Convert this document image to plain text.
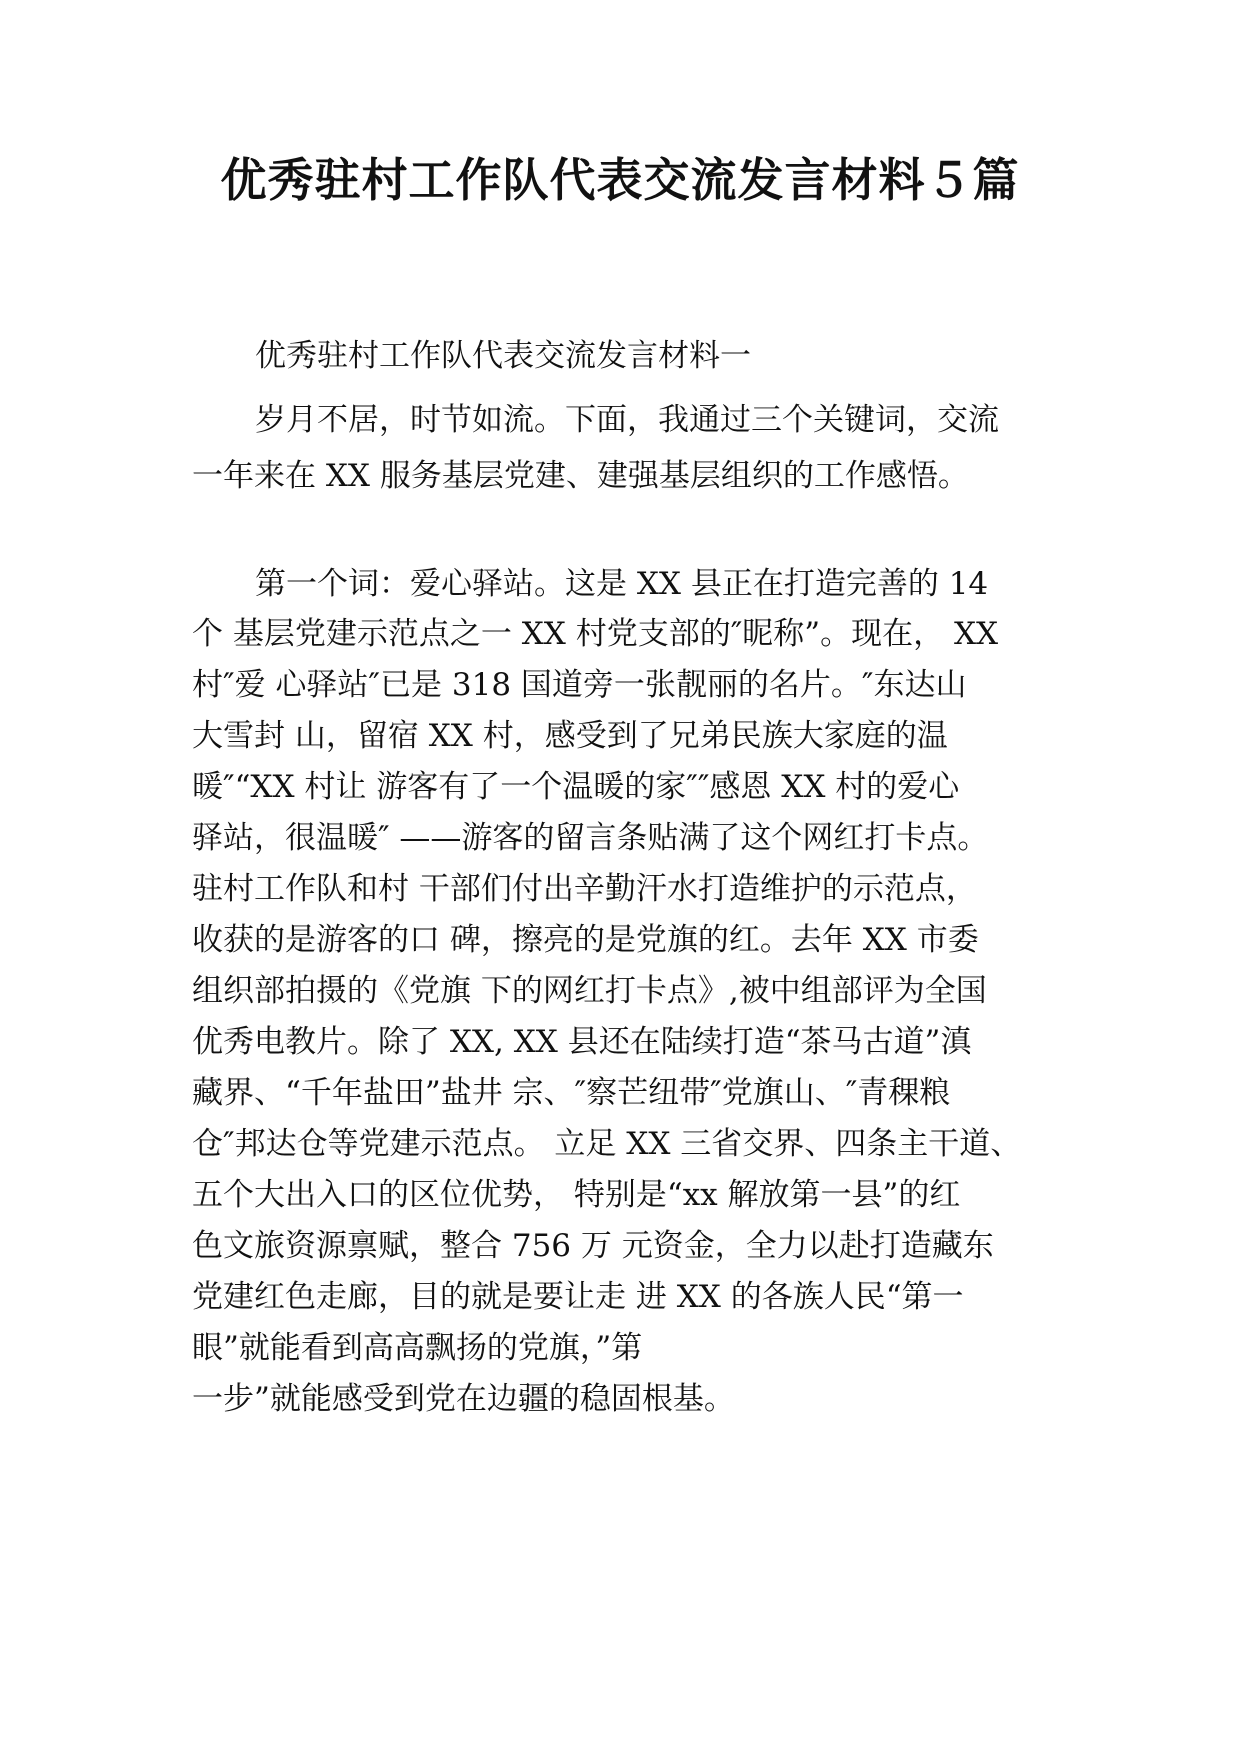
优秀驻村工作队代表交流发言材料５篇

优秀驻村工作队代表交流发言材料一

岁月不居，时节如流。下面，我通过三个关键词，交流

一年来在 XX 服务基层党建、建强基层组织的工作感悟。

第一个词：爱心驿站。这是 XX 县正在打造完善的 14

个 基层党建示范点之一 XX 村党支部的″昵称”。现在， XX

村″爱 心驿站″已是 318 国道旁一张靓丽的名片。″东达山

大雪封 山，留宿 XX 村，感受到了兄弟民族大家庭的温

暖″“XX 村让 游客有了一个温暖的家″″感恩 XX 村的爱心

驿站，很温暖″ ——游客的留言条贴满了这个网红打卡点。

驻村工作队和村 干部们付出辛勤汗水打造维护的示范点，

收获的是游客的口 碑，擦亮的是党旗的红。去年 XX 市委

组织部拍摄的《党旗 下的网红打卡点》,被中组部评为全国

优秀电教片。除了 XX, XX 县还在陆续打造“茶马古道”滇

藏界、“千年盐田”盐井 宗、″察芒纽带″党旗山、″青稞粮

仓″邦达仓等党建示范点。 立足 XX 三省交界、四条主干道、

五个大出入口的区位优势， 特别是“xx 解放第一县”的红

色文旅资源禀赋，整合 756 万 元资金，全力以赴打造藏东

党建红色走廊，目的就是要让走 进 XX 的各族人民“第一

眼”就能看到高高飘扬的党旗，”第

一步”就能感受到党在边疆的稳固根基。
